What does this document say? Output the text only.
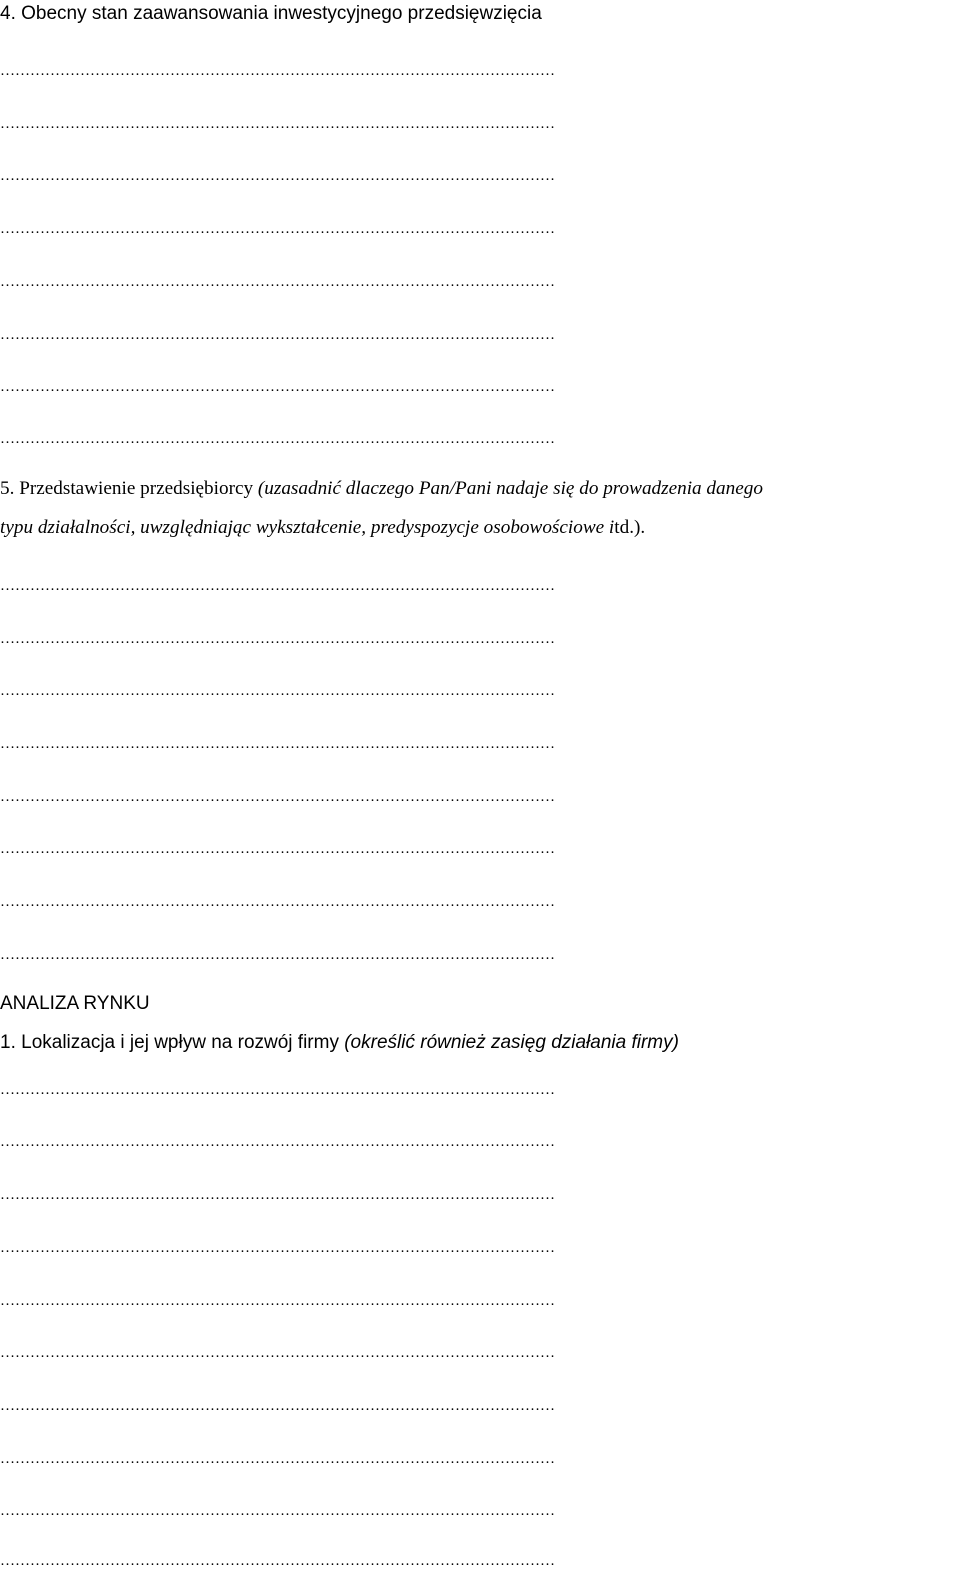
4. Obecny stan zaawansowania inwestycyjnego przedsięwzięcia
…………………………………………………………………………………………………
…………………………………………………………………………………………………
…………………………………………………………………………………………………
…………………………………………………………………………………………………
…………………………………………………………………………………………………
…………………………………………………………………………………………………
…………………………………………………………………………………………………
…………………………………………………………………………………………………
5. Przedstawienie przedsiębiorcy (uzasadnić dlaczego Pan/Pani nadaje się do prowadzenia danego
typu działalności, uwzględniając wykształcenie, predyspozycje osobowościowe itd.).
…………………………………………………………………………………………………
…………………………………………………………………………………………………
…………………………………………………………………………………………………
…………………………………………………………………………………………………
…………………………………………………………………………………………………
…………………………………………………………………………………………………
…………………………………………………………………………………………………
…………………………………………………………………………………………………
ANALIZA RYNKU
1. Lokalizacja i jej wpływ na rozwój firmy (określić również zasięg działania firmy)
…………………………………………………………………………………………………
…………………………………………………………………………………………………
…………………………………………………………………………………………………
…………………………………………………………………………………………………
…………………………………………………………………………………………………
…………………………………………………………………………………………………
…………………………………………………………………………………………………
…………………………………………………………………………………………………
…………………………………………………………………………………………………
…………………………………………………………………………………………………
